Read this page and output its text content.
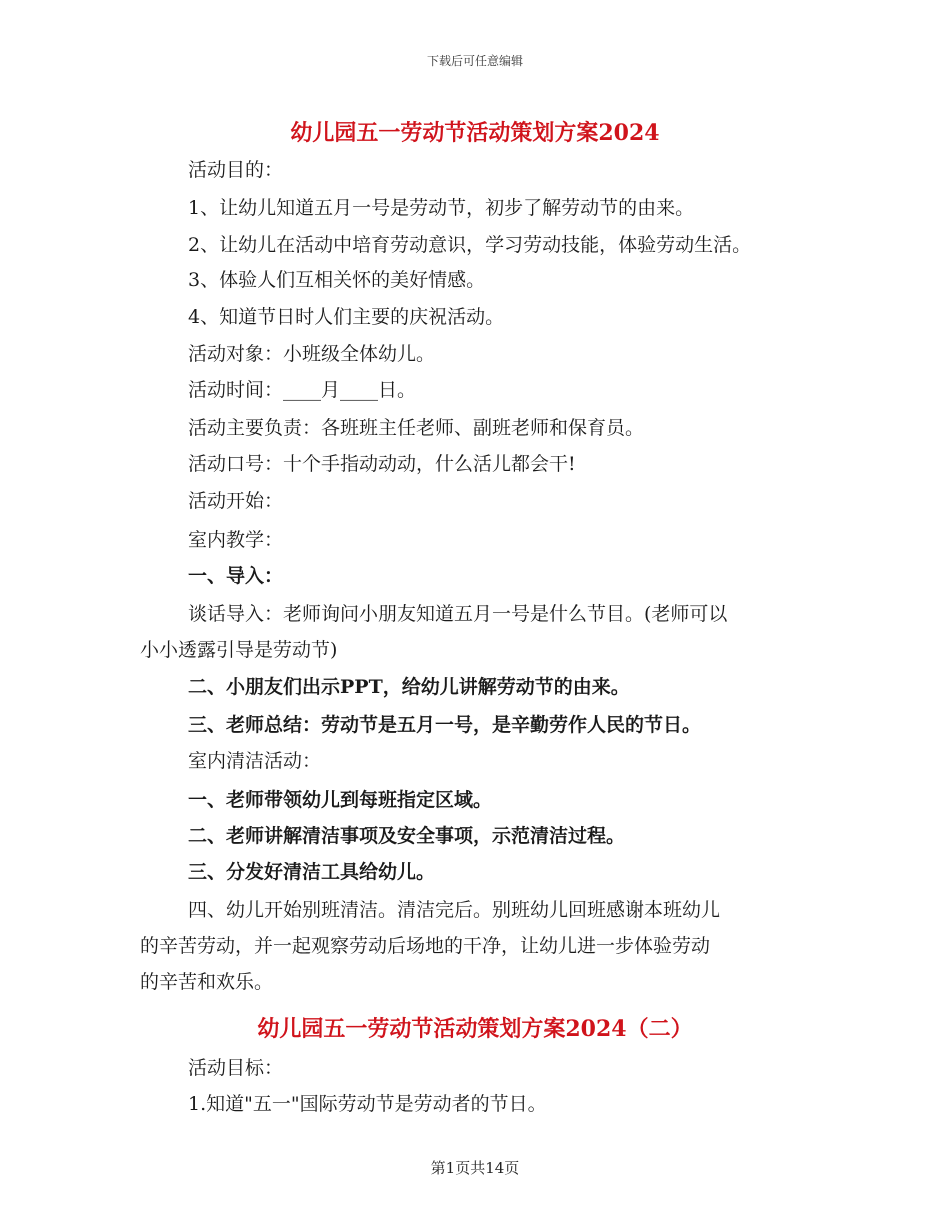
下载后可任意编辑
幼儿园五一劳动节活动策划方案2024
活动目的：
1、让幼儿知道五月一号是劳动节，初步了解劳动节的由来。
2、让幼儿在活动中培育劳动意识，学习劳动技能，体验劳动生活。
3、体验人们互相关怀的美好情感。
4、知道节日时人们主要的庆祝活动。
活动对象：小班级全体幼儿。
活动时间：____月____日。
活动主要负责：各班班主任老师、副班老师和保育员。
活动口号：十个手指动动动，什么活儿都会干!
活动开始：
室内教学：
一、导入：
谈话导入：老师询问小朋友知道五月一号是什么节目。(老师可以
小小透露引导是劳动节)
二、小朋友们出示PPT，给幼儿讲解劳动节的由来。
三、老师总结：劳动节是五月一号，是辛勤劳作人民的节日。
室内清洁活动：
一、老师带领幼儿到每班指定区域。
二、老师讲解清洁事项及安全事项，示范清洁过程。
三、分发好清洁工具给幼儿。
四、幼儿开始别班清洁。清洁完后。别班幼儿回班感谢本班幼儿
的辛苦劳动，并一起观察劳动后场地的干净，让幼儿进一步体验劳动
的辛苦和欢乐。
幼儿园五一劳动节活动策划方案2024（二）
活动目标：
1.知道"五一"国际劳动节是劳动者的节日。
第1页共14页
